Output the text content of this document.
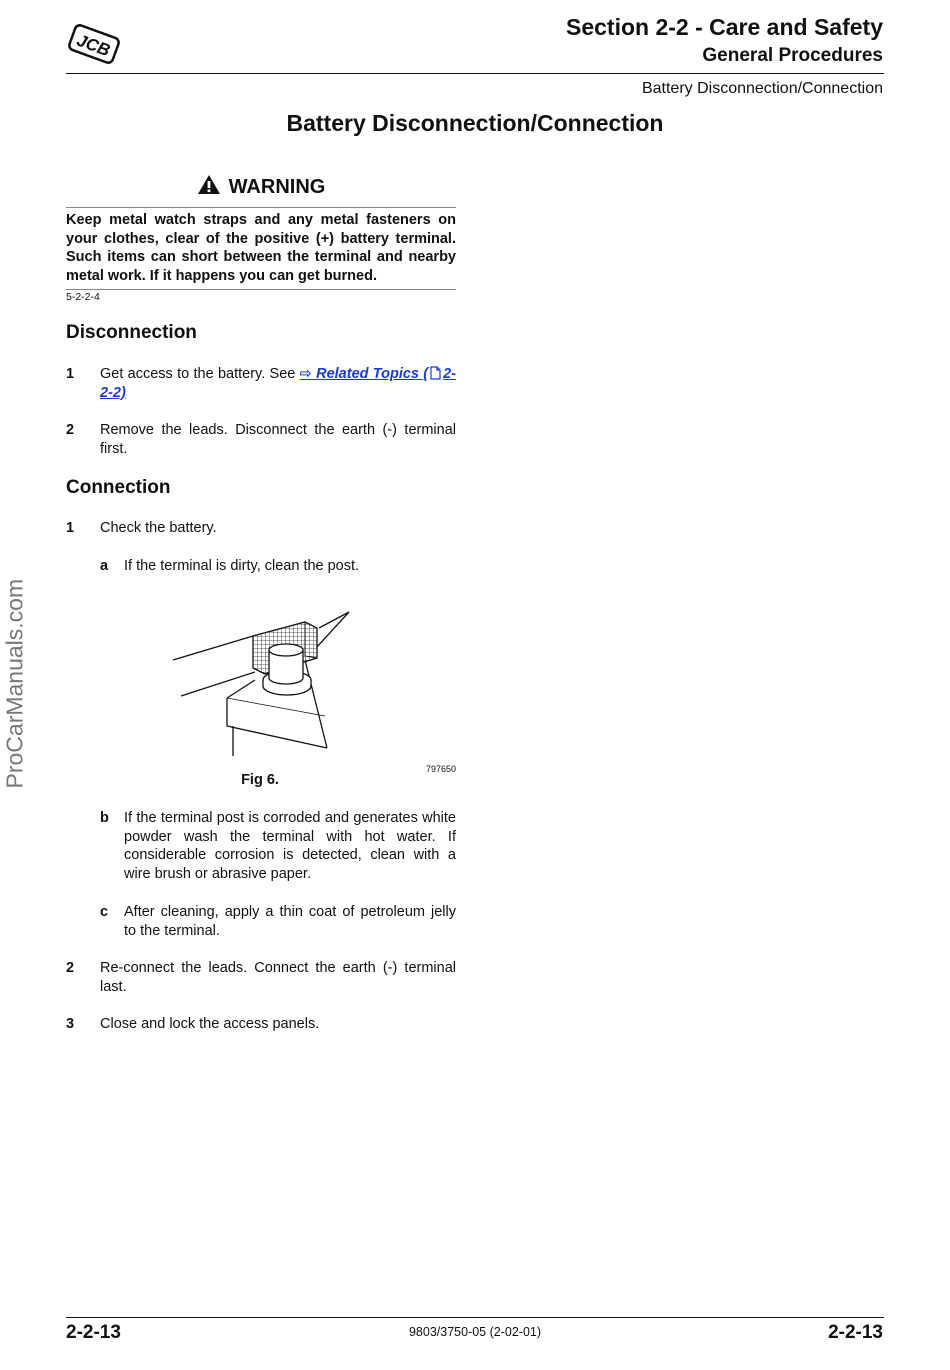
JCB
Section 2-2 - Care and Safety
General Procedures
Battery Disconnection/Connection
Battery Disconnection/Connection
WARNING
Keep metal watch straps and any metal fasteners on your clothes, clear of the positive (+) battery terminal. Such items can short between the terminal and nearby metal work. If it happens you can get burned.
5-2-2-4
Disconnection
1 Get access to the battery. See ⇨ Related Topics ( 2-2-2)
2 Remove the leads. Disconnect the earth (-) terminal first.
Connection
1 Check the battery.
a If the terminal is dirty, clean the post.
797650
Fig 6.
b If the terminal post is corroded and generates white powder wash the terminal with hot water. If considerable corrosion is detected, clean with a wire brush or abrasive paper.
c After cleaning, apply a thin coat of petroleum jelly to the terminal.
2 Re-connect the leads. Connect the earth (-) terminal last.
3 Close and lock the access panels.
ProCarManuals.com
2-2-13	9803/3750-05 (2-02-01)	2-2-13
